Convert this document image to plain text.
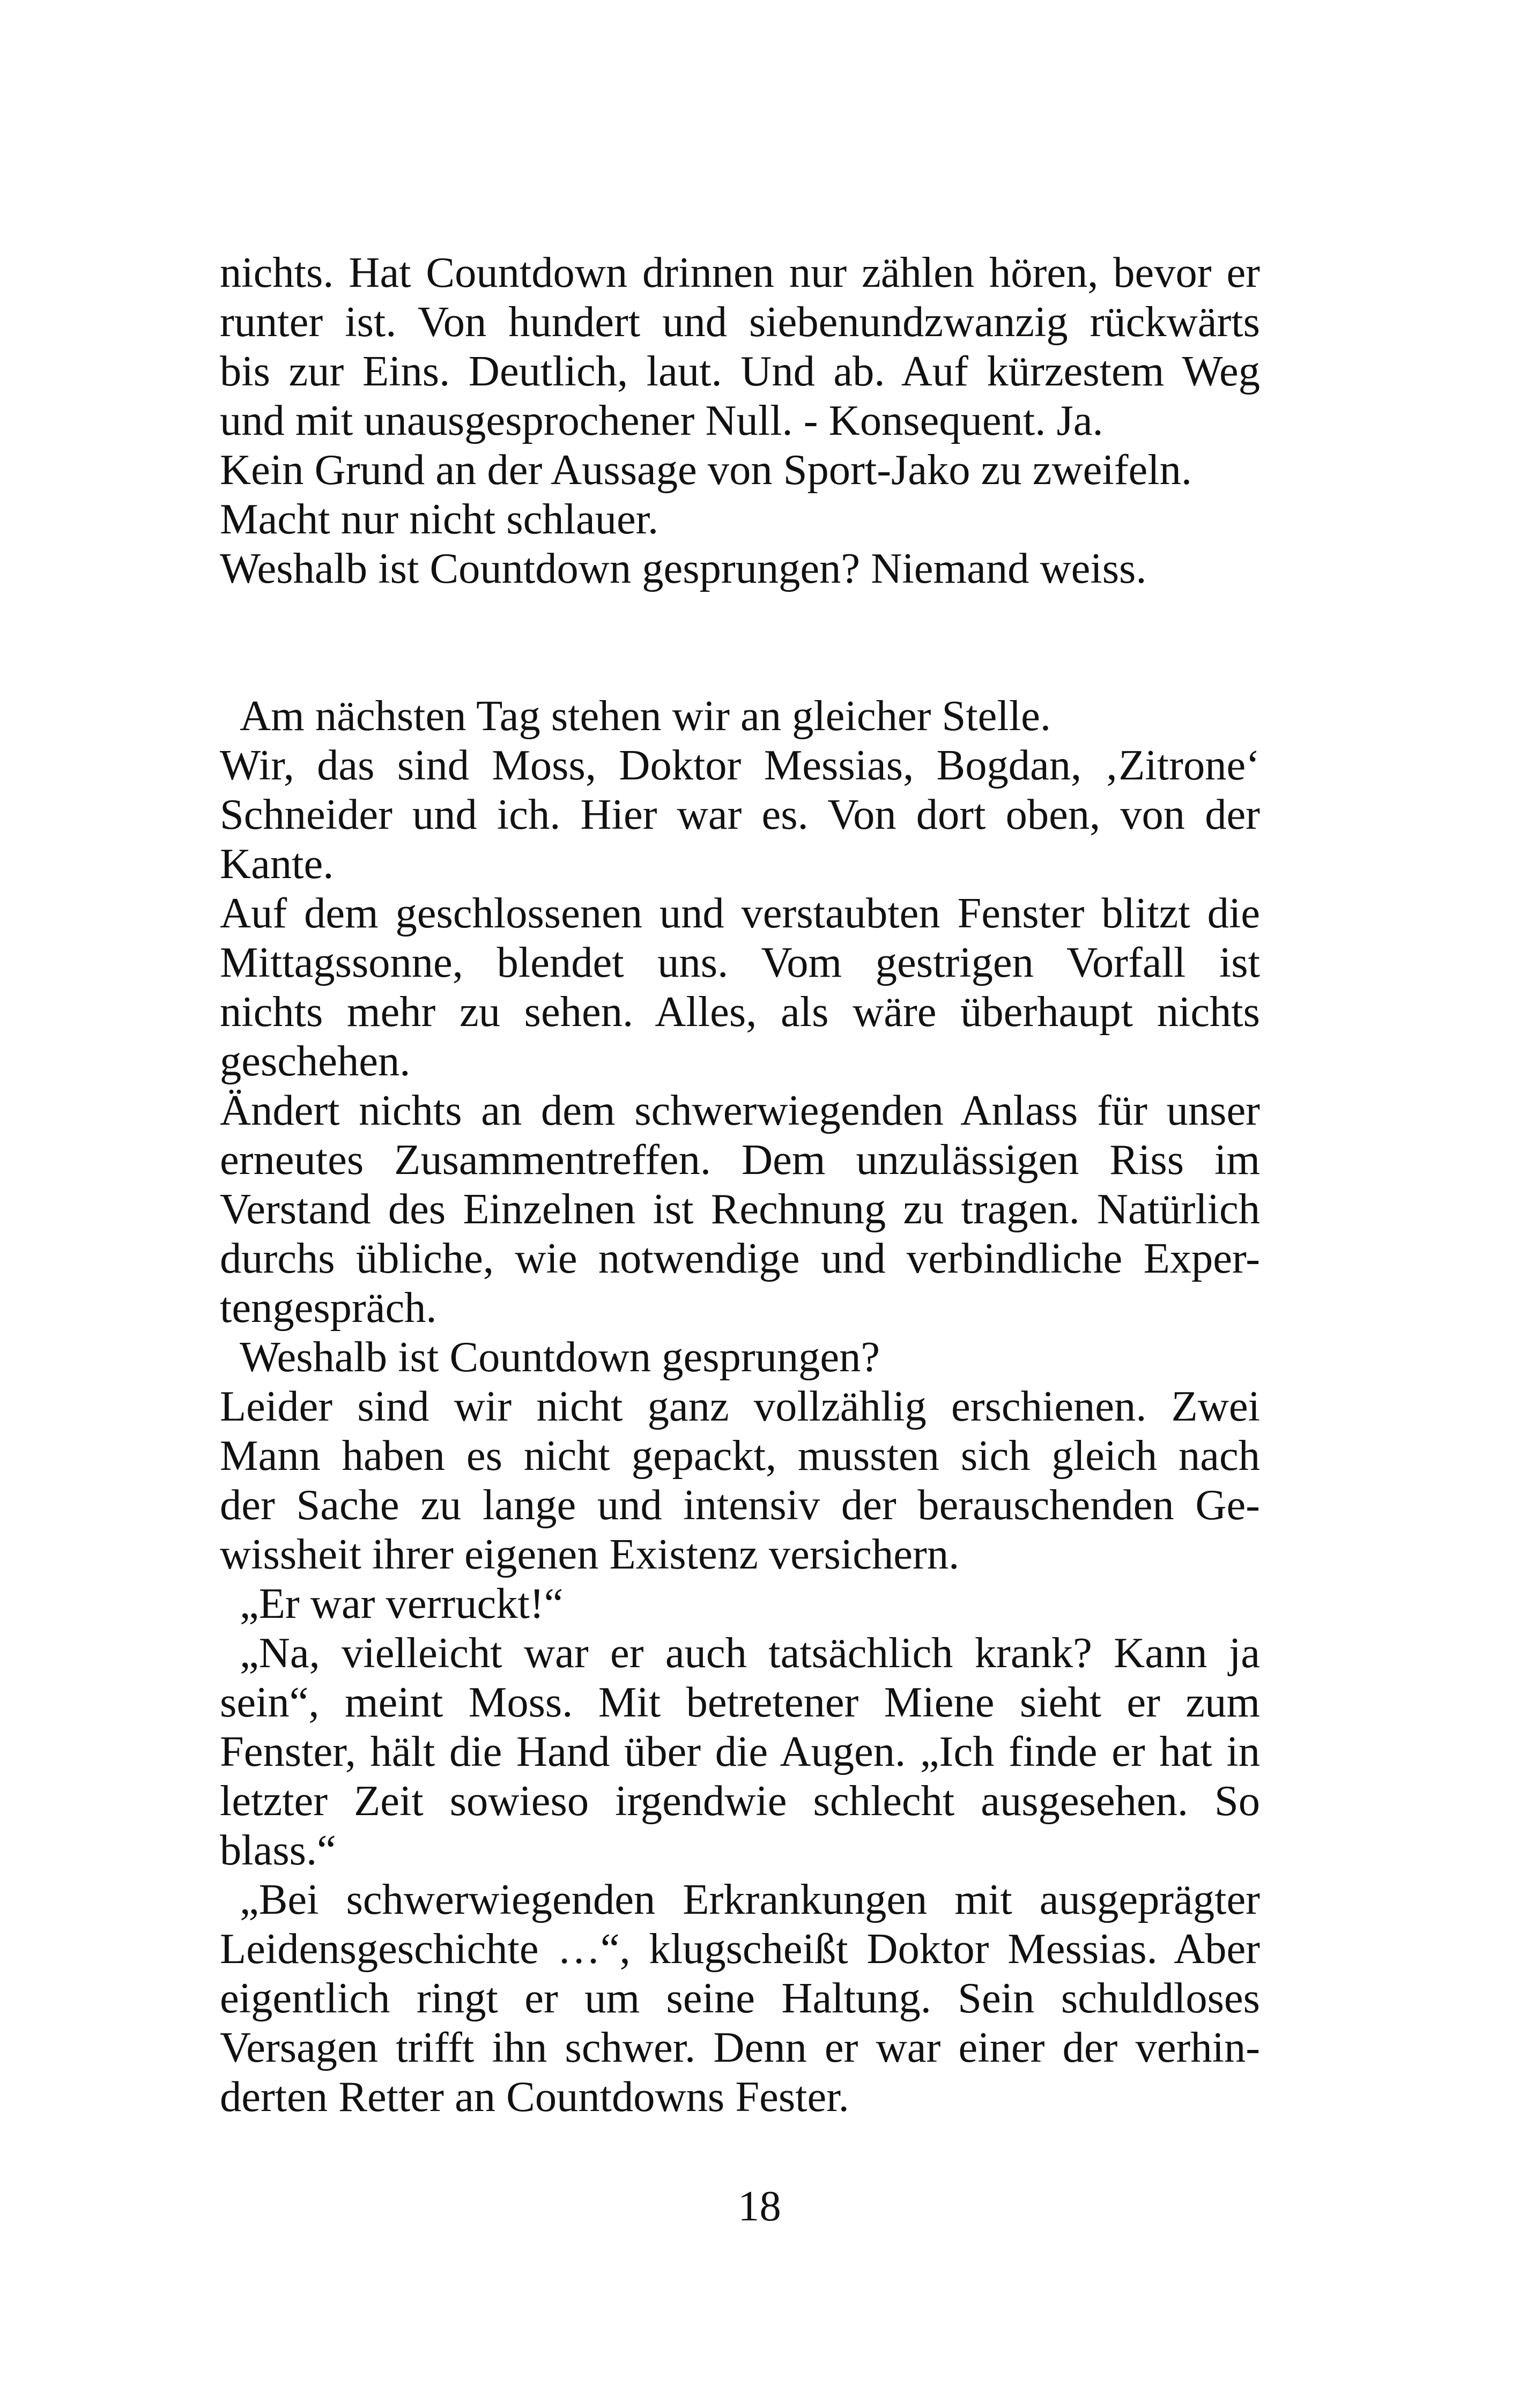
nichts. Hat Countdown drinnen nur zählen hören, bevor er
runter ist. Von hundert und siebenundzwanzig rückwärts
bis zur Eins. Deutlich, laut. Und ab. Auf kürzestem Weg
und mit unausgesprochener Null. - Konsequent. Ja.
Kein Grund an der Aussage von Sport-Jako zu zweifeln.
Macht nur nicht schlauer.
Weshalb ist Countdown gesprungen? Niemand weiss.
Am nächsten Tag stehen wir an gleicher Stelle.
Wir, das sind Moss, Doktor Messias, Bogdan, ‚Zitrone‘
Schneider und ich. Hier war es. Von dort oben, von der
Kante.
Auf dem geschlossenen und verstaubten Fenster blitzt die
Mittagssonne, blendet uns. Vom gestrigen Vorfall ist
nichts mehr zu sehen. Alles, als wäre überhaupt nichts
geschehen.
Ändert nichts an dem schwerwiegenden Anlass für unser
erneutes Zusammentreffen. Dem unzulässigen Riss im
Verstand des Einzelnen ist Rechnung zu tragen. Natürlich
durchs übliche, wie notwendige und verbindliche Exper-
tengespräch.
Weshalb ist Countdown gesprungen?
Leider sind wir nicht ganz vollzählig erschienen. Zwei
Mann haben es nicht gepackt, mussten sich gleich nach
der Sache zu lange und intensiv der berauschenden Ge-
wissheit ihrer eigenen Existenz versichern.
„Er war verruckt!“
„Na, vielleicht war er auch tatsächlich krank? Kann ja
sein“, meint Moss. Mit betretener Miene sieht er zum
Fenster, hält die Hand über die Augen. „Ich finde er hat in
letzter Zeit sowieso irgendwie schlecht ausgesehen. So
blass.“
„Bei schwerwiegenden Erkrankungen mit ausgeprägter
Leidensgeschichte …“, klugscheißt Doktor Messias. Aber
eigentlich ringt er um seine Haltung. Sein schuldloses
Versagen trifft ihn schwer. Denn er war einer der verhin-
derten Retter an Countdowns Fester.
18
